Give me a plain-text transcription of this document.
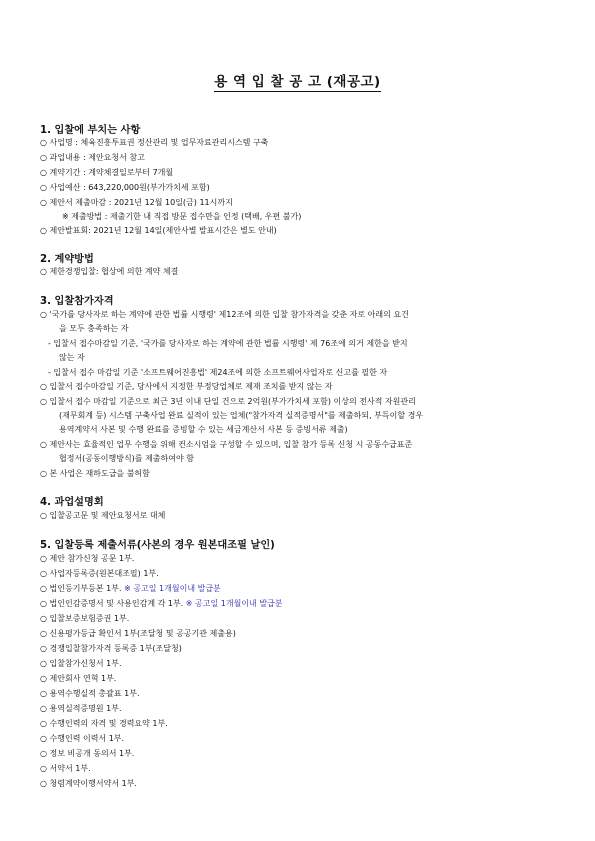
용 역 입 찰 공 고 (재공고)
1. 입찰에 부치는 사항
○ 사업명 : 체육진흥투표권 정산관리 및 업무자료관리시스템 구축
○ 과업내용 : 제안요청서 참고
○ 계약기간 : 계약체결일로부터 7개월
○ 사업예산 : 643,220,000원(부가가치세 포함)
○ 제안서 제출마감 : 2021년 12월 10일(금) 11시까지
※ 제출방법 : 제출기한 내 직접 방문 접수만을 인정 (택배, 우편 불가)
○ 제안발표회: 2021년 12월 14일(제안사별 발표시간은 별도 안내)
2. 계약방법
○ 제한경쟁입찰: 협상에 의한 계약 체결
3. 입찰참가자격
○ '국가를 당사자로 하는 계약에 관한 법률 시행령' 제12조에 의한 입찰 참가자격을 갖춘 자로 아래의 요건
을 모두 충족하는 자
- 입찰서 접수마감일 기준, '국가를 당사자로 하는 계약에 관한 법률 시행령' 제 76조에 의거 제한을 받지
않는 자
- 입찰서 접수 마감일 기준 '소프트웨어진흥법' 제24조에 의한 소프트웨어사업자로 신고를 필한 자
○ 입찰서 접수마감일 기준, 당사에서 지정한 부정당업체로 제재 조치를 받지 않는 자
○ 입찰서 접수 마감일 기준으로 최근 3년 이내 단일 건으로 2억원(부가가치세 포함) 이상의 전사적 자원관리
(재무회계 등) 시스템 구축사업 완료 실적이 있는 업체("참가자격 실적증명서"를 제출하되, 부득이할 경우
용역계약서 사본 및 수행 완료를 증빙할 수 있는 세금계산서 사본 등 증빙서류 제출)
○ 제안사는 효율적인 업무 수행을 위해 컨소시엄을 구성할 수 있으며, 입찰 참가 등록 신청 시 공동수급표준
협정서(공동이행방식)를 제출하여야 함
○ 본 사업은 재하도급을 불허함
4. 과업설명회
○ 입찰공고문 및 제안요청서로 대체
5. 입찰등록 제출서류(사본의 경우 원본대조필 날인)
○ 제안 참가신청 공문 1부.
○ 사업자등록증(원본대조필) 1부.
○ 법인등기부등본 1부. ※ 공고일 1개월이내 발급분
○ 법인인감증명서 및 사용인감계 각 1부. ※ 공고일 1개월이내 발급분
○ 입찰보증보험증권 1부.
○ 신용평가등급 확인서 1부(조달청 및 공공기관 제출용)
○ 경쟁입찰참가자격 등록증 1부(조달청)
○ 입찰참가신청서 1부.
○ 제안회사 연혁 1부.
○ 용역수행실적 총괄표 1부.
○ 용역실적증명원 1부.
○ 수행인력의 자격 및 경력요약 1부.
○ 수행인력 이력서 1부.
○ 정보 비공개 동의서 1부.
○ 서약서 1부.
○ 청렴계약이행서약서 1부.
